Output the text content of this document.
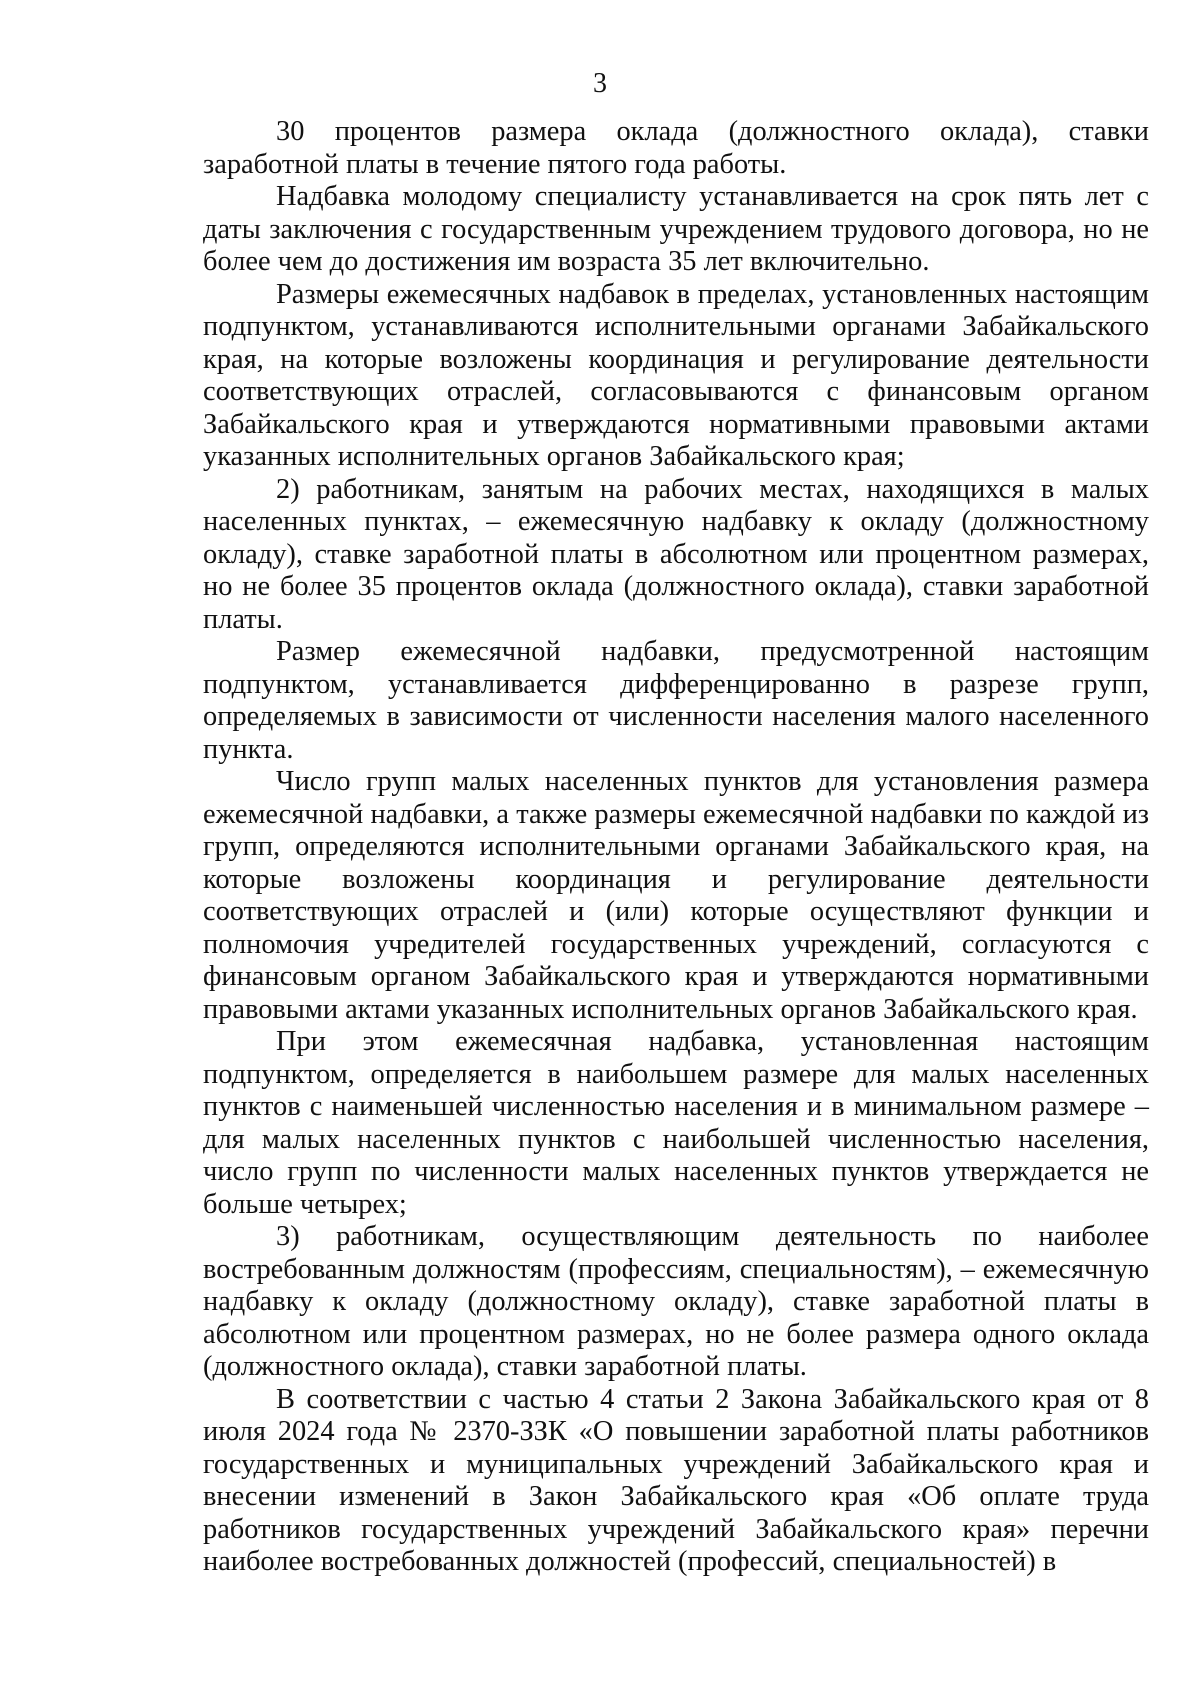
3

30 процентов размера оклада (должностного оклада), ставки заработной платы в течение пятого года работы.

Надбавка молодому специалисту устанавливается на срок пять лет с даты заключения с государственным учреждением трудового договора, но не более чем до достижения им возраста 35 лет включительно.

Размеры ежемесячных надбавок в пределах, установленных настоящим подпунктом, устанавливаются исполнительными органами Забайкальского края, на которые возложены координация и регулирование деятельности соответствующих отраслей, согласовываются с финансовым органом Забайкальского края и утверждаются нормативными правовыми актами указанных исполнительных органов Забайкальского края;

2) работникам, занятым на рабочих местах, находящихся в малых населенных пунктах, – ежемесячную надбавку к окладу (должностному окладу), ставке заработной платы в абсолютном или процентном размерах, но не более 35 процентов оклада (должностного оклада), ставки заработной платы.

Размер ежемесячной надбавки, предусмотренной настоящим подпунктом, устанавливается дифференцированно в разрезе групп, определяемых в зависимости от численности населения малого населенного пункта.

Число групп малых населенных пунктов для установления размера ежемесячной надбавки, а также размеры ежемесячной надбавки по каждой из групп, определяются исполнительными органами Забайкальского края, на которые возложены координация и регулирование деятельности соответствующих отраслей и (или) которые осуществляют функции и полномочия учредителей государственных учреждений, согласуются с финансовым органом Забайкальского края и утверждаются нормативными правовыми актами указанных исполнительных органов Забайкальского края.

При этом ежемесячная надбавка, установленная настоящим подпунктом, определяется в наибольшем размере для малых населенных пунктов с наименьшей численностью населения и в минимальном размере – для малых населенных пунктов с наибольшей численностью населения, число групп по численности малых населенных пунктов утверждается не больше четырех;

3) работникам, осуществляющим деятельность по наиболее востребованным должностям (профессиям, специальностям), – ежемесячную надбавку к окладу (должностному окладу), ставке заработной платы в абсолютном или процентном размерах, но не более размера одного оклада (должностного оклада), ставки заработной платы.

В соответствии с частью 4 статьи 2 Закона Забайкальского края от 8 июля 2024 года № 2370-ЗЗК «О повышении заработной платы работников государственных и муниципальных учреждений Забайкальского края и внесении изменений в Закон Забайкальского края «Об оплате труда работников государственных учреждений Забайкальского края» перечни наиболее востребованных должностей (профессий, специальностей) в
